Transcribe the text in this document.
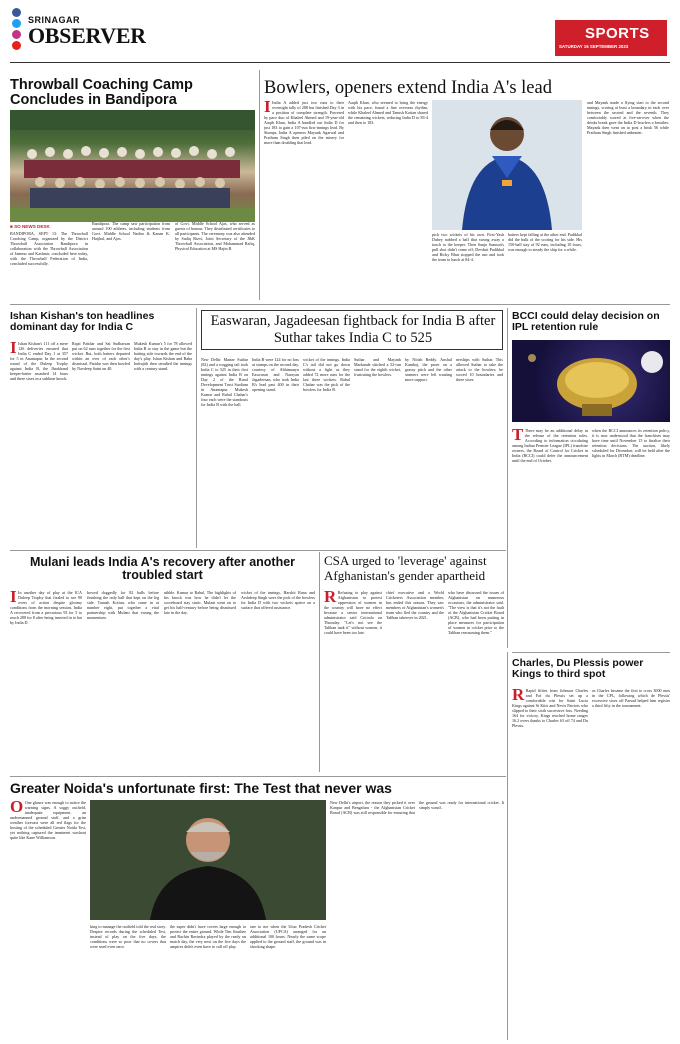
SRINAGAR
OBSERVER	SPORTS
SATURDAY 16 SEPTEMBER 2023
Throwball Coaching Camp Concludes in Bandipora
■ SO NEWS DESK

BANDIPORA, SEPT 13: The Throwball Coaching Camp, organized by the District Throwball Association Bandipora in collaboration with the Throwball Association of Jammu and Kashmir, concluded here today, with the Throwball Federation of India, concluded successfully.

Bandipora. The camp saw participation from around 100 athletes, including students from Govt. Middle School Nadira & Kanan K. Haijhul, and Ajas.

of Govt. Middle School Ajas, who served as guests of honour. They distributed certificates to all participants. The ceremony was also attended by Sadiq Rizvi, Joint Secretary of the J&K Throwball Association, and Mohammad Rafiq, Physical Education at MS Hajin B.

Bowlers, openers extend India A's lead

I India A added just two runs to their overnight tally of 288 but finished Day 3 in a position of complete strength. Powered by pace duo of Khaleel Ahmed and 19-year-old Aaqib Khan, India A bundled out India D for just 183 to gain a 107-run first-innings lead. By Stumps, India A openers Mayank Agarwal and Prathum Singh then piled on the misery for more than doubling that lead.

Aaqib Khan, who seemed to bring the energy with his pace, found a fine overseas rhythm, while Khaleel Ahmed and Tanush Kotian shared the remaining wickets, reducing India D to 83-4 and then to 183.

pick two wickets of his own. First-Yash Dubey nabbed a ball that swung away a touch to the keeper. Then Sanju Samson's pull shot didn't come off; Devdutt Padikkal and Ricky Bhui stopped the run and took the team to lunch at 84-4.

batters kept falling at the other end. Padikkal did the bulk of the scoring for his side. His 150-ball stay of 92 runs, including 10 fours, was enough to steady the ship for a while.

and Mayank made a flying start to the second innings, scoring at least a boundary in each over between the second and the seventh. They comfortably scored at five-an-over when the drinks break gave the India D bowlers a breather. Mayank then went on to post a brisk 56 while Prathum Singh finished unbeaten.

Ishan Kishan's ton headlines dominant day for India C

I Ishan Kishan's 111 off a mere 126 deliveries ensured that India C ended Day 1 at 357 for 5 in Anantapur. In the second round of the Duleep Trophy against India B, the Jharkhand keeper-batter smashed 14 fours and three sixes in a sublime knock.

Rajat Patidar and Sai Sudharsan put on 62 runs together for the first wicket. But, both batters departed within an over of each other's dismissal. Patidar was then bowled by Navdeep Saini on 40.

Mukesh Kumar's 5 for 78 allowed India B to stay in the game but the batting side towards the end of the day's play. Ishan Kishan and Baba Indrajith then steadied the innings with a century stand.

Easwaran, Jagadeesan fightback for India B after Suthar takes India C to 525

New Delhi: Manav Suthar (82) and a wagging tail took India C to 525 in their first innings against India B on Day 2 of the Rural Development Trust Stadium in Anantapur. Mukesh Kumar and Rahul Chahar's four each were the standouts for India B with the ball.

India B were 124 for no loss at stumps on the second day, courtesy of Abhimanyu Easwaran and Narayan Jagadeesan, who took India B's lead past 400 in their opening stand.

wicket of the innings. India C's tail did not go down without a fight as they added 72 more runs for the last three wickets. Rahul Chahar was the pick of the bowlers for India B.

Suthar and Mayank Markande stitched a 52-run stand for the eighth wicket, frustrating the bowlers.

by Nitish Reddy. Anshul Kamboj, the pacer on a grassy pitch and the other seamers were left wanting more support.

nerships with Suthar. This allowed Suthar to take the attack to the bowlers; he scored 10 boundaries and three sixes.

BCCI could delay decision on IPL retention rule

T There may be an additional delay in the release of the retention rules. According to information circulating among Indian Premier League (IPL) franchise owners, the Board of Control for Cricket in India (BCCI) could defer the announcement until the end of October.

when the BCCI announces its retention policy, it is now understood that the franchises may have time until November 15 to finalise their retention decisions. The auction, likely scheduled for December, will be held after the lights in March (BTM) deadline.

Mulani leads India A's recovery after another troubled start

I In another day of play at the ICA Duleep Trophy that fizzled to see 90 overs of action despite gloomy conditions from the morning session, India A recovered from a precarious 93 for 5 to reach 288 for 8 after being inserted in to bat by India D.

bowed doggedly for 82 balls before finishing the only ball that kept on the leg side. Tanush Kotian, who came in at number eight, put together a vital partnership with Mulani that swung the momentum.

nibble. Kumar to Rahul, The highlights of his knock was how he didn't let the scoreboard stay static. Mulani went on to get his half-century before being dismissed late in the day.

wicket of the innings, Harshit Rana and Arshdeep Singh were the pick of the bowlers for India D with two wickets apiece on a surface that offered assistance.

CSA urged to 'leverage' against Afghanistan's gender apartheid

R Refusing to play against Afghanistan to protest oppression of women in the country will have no effect because a senior international administrator said Cricinfo on Thursday. "Let's not see the Taliban tank it" without women, it could have been too late.

chief executive and a World Cricketers Association member, has ended this season. They saw members of Afghanistan's women's team who fled the country and the Taliban takeover in 2021.

who have discussed the issues of Afghanistan on numerous occasions, the administrator said. "The view is that it's not the fault of the Afghanistan Cricket Board (ACB), who had been putting in place measures for participation of women in cricket prior to the Taliban reassuming them."

Charles, Du Plessis power Kings to third spot

R Rapid fifties from Johnson Charles and Faf du Plessis set up a comfortable win for Saint Lucia Kings against St Kitts and Nevis Patriots who slipped to their sixth successive loss. Needing 164 for victory, Kings reached home ranges 16.2 overs thanks to Charles 63 off 74 and Du Plessis.

as Charles became the first to cross 3000 runs in the CPL, following which de Plessis' excessive sixes off Parsad helped him register a third fifty in the tournament.

Greater Noida's unfortunate first: The Test that never was

O One glance was enough to notice the warning signs. A soggy outfield, inadequate equipment, an undermanned ground staff, and a grim weather forecast were all red flags for the hosting of the scheduled Greater Noida Test, yet nothing captured the imminent washout quite like Kane Williamson.

king to manage the outfield told the real story. Despite records during the scheduled Test, instead of play on the five days, the conditions were so poor that no covers that were used even once.

the super didn't have covers large enough to protect the entire ground. While Tim Southee and Rachin Ravindra played by the ready on match day, the very next on the five days the umpires didn't even have to call off play.

one to me when the Uttar Pradesh Cricket Association (UPCA) arranged for an additional 100 hours. Nearly the same scope applied to the ground staff, the ground was in shocking shape.

New Delhi's airport, the reason they picked it over Kanpur and Bengaluru - the Afghanistan Cricket Board (ACB) was still responsible for ensuring that the ground was ready for international cricket. It simply wasn't.
